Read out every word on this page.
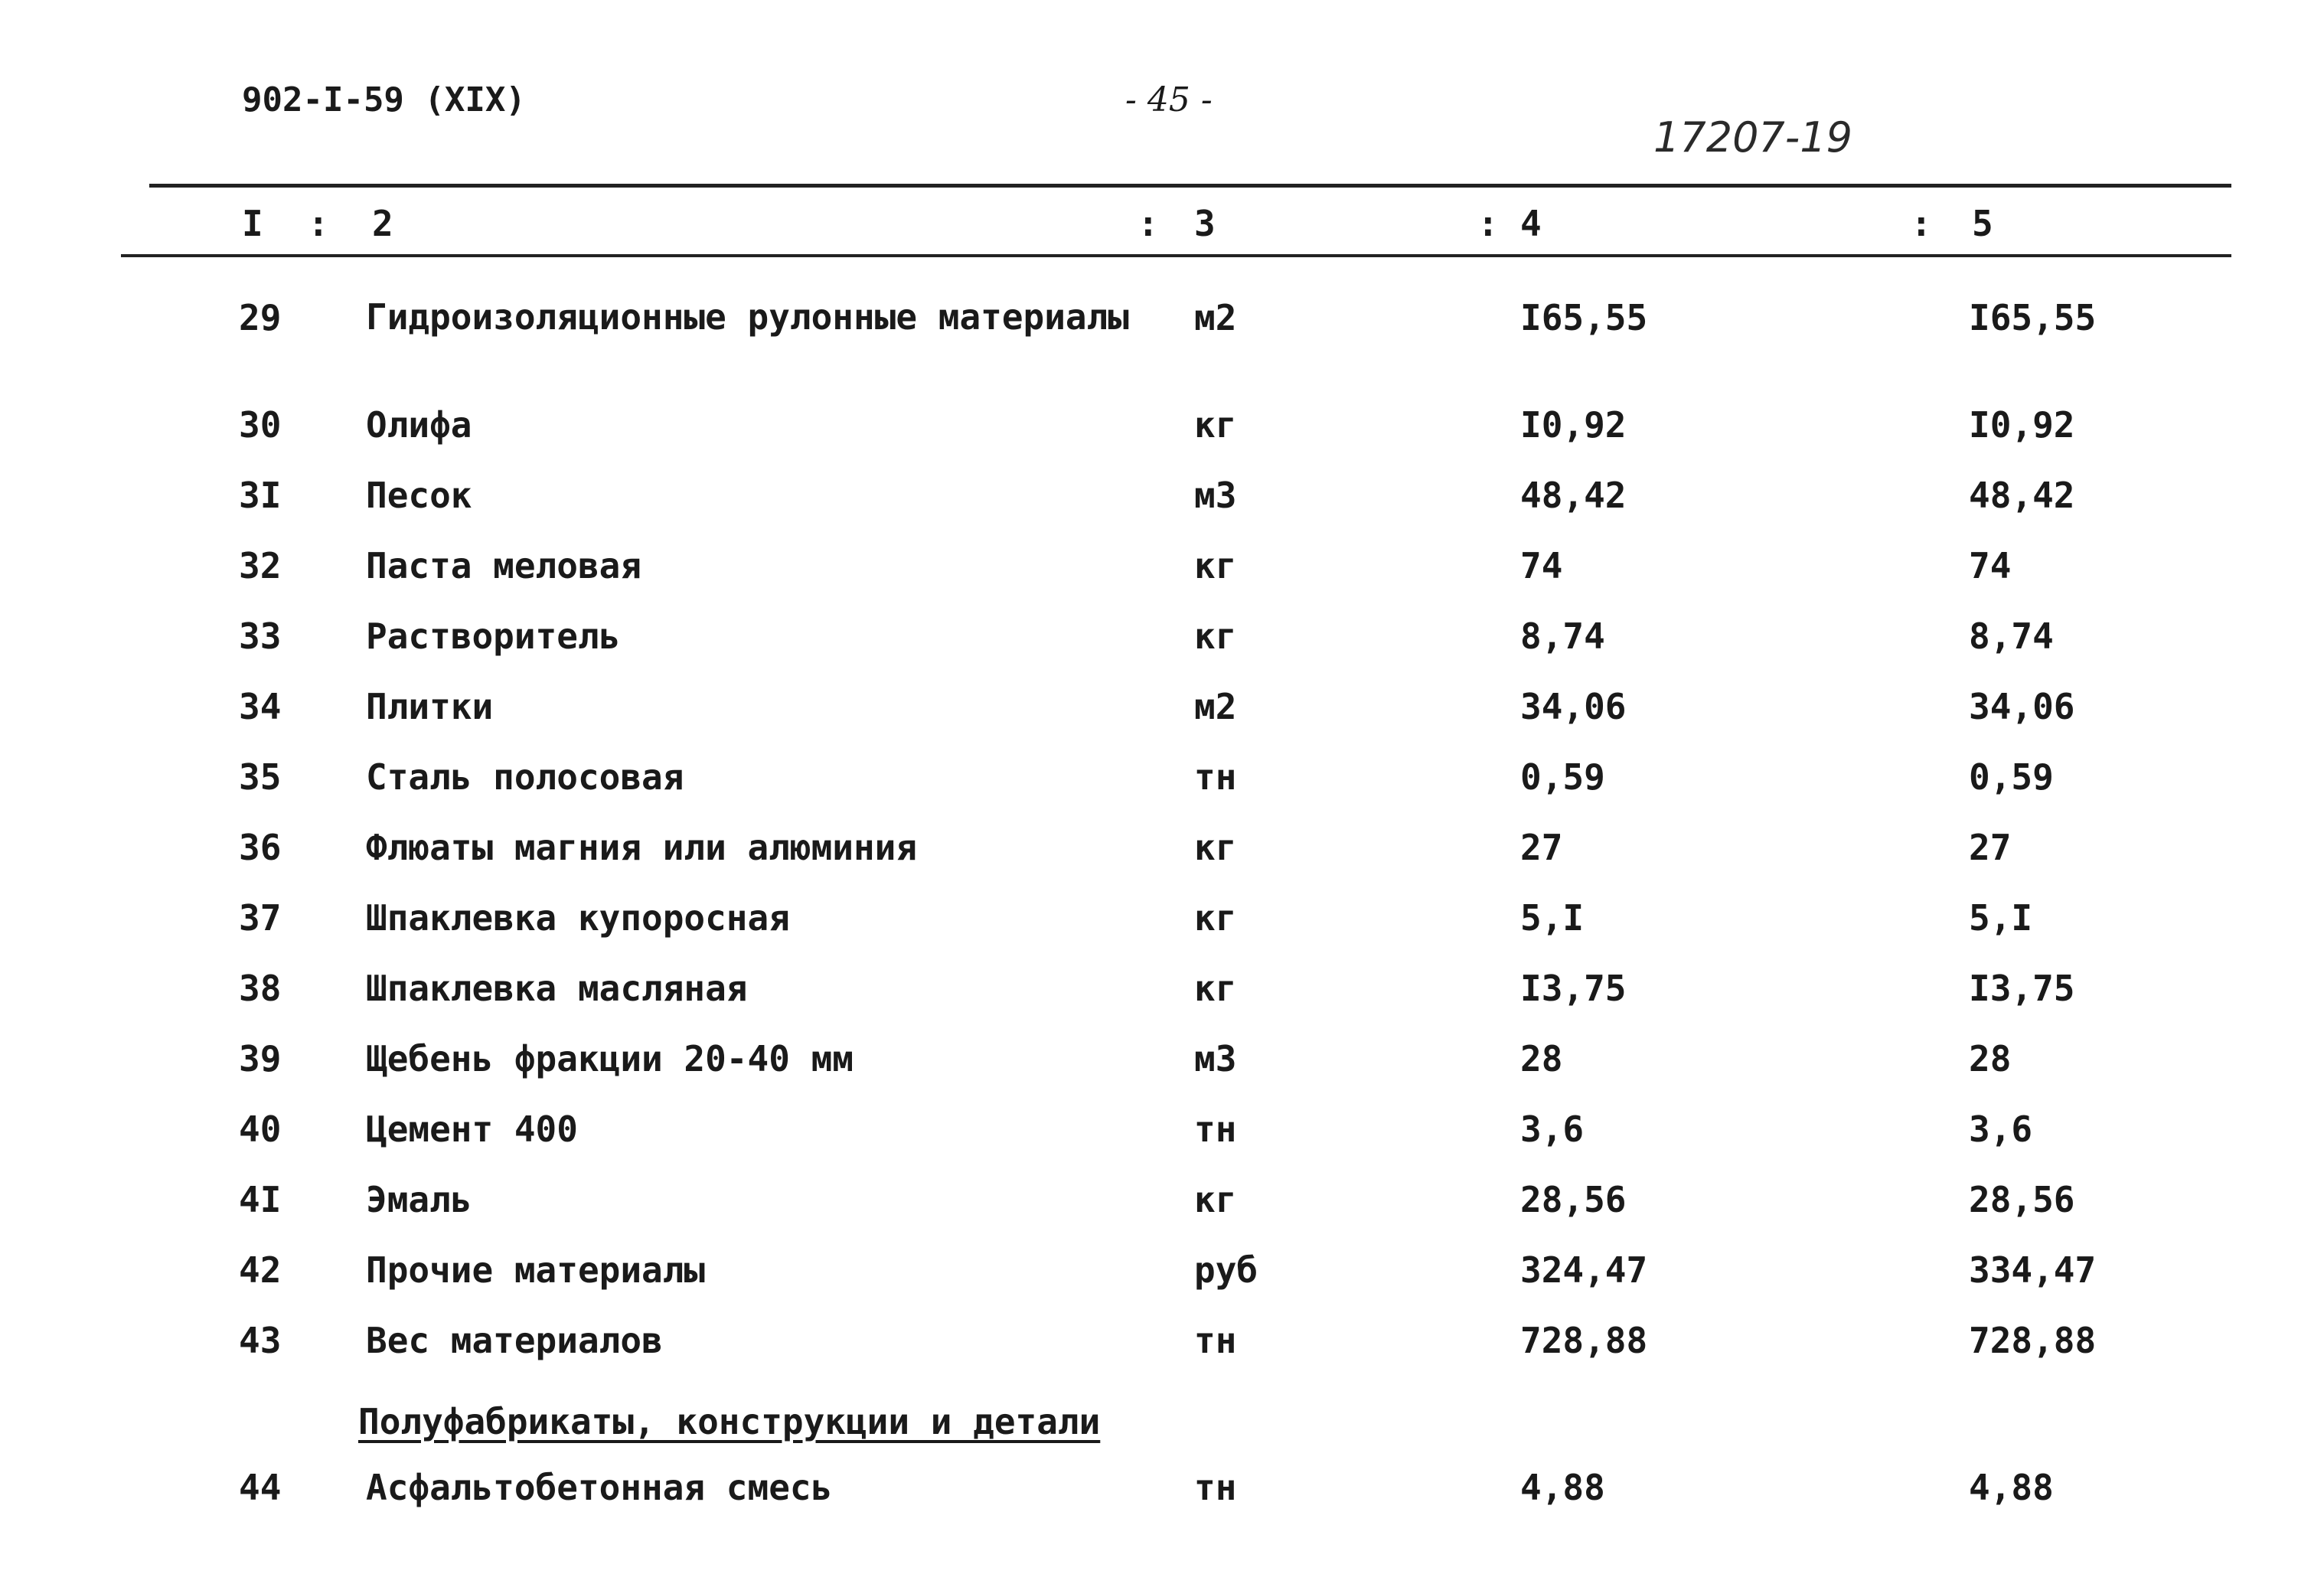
902-I-59 (XIX)	- 45 -
17207-19
I : 2	: 3	: 4	: 5
29 Гидроизоляционные рулонные материалы	м2	I65,55	I65,55
30 Олифа	кг	I0,92	I0,92
3I Песок	м3	48,42	48,42
32 Паста меловая	кг	74	74
33 Растворитель	кг	8,74	8,74
34 Плитки	м2	34,06	34,06
35 Сталь полосовая	тн	0,59	0,59
36 Флюаты магния или алюминия	кг	27	27
37 Шпаклевка купоросная	кг	5,I	5,I
38 Шпаклевка масляная	кг	I3,75	I3,75
39 Щебень фракции 20-40 мм	м3	28	28
40 Цемент 400	тн	3,6	3,6
4I Эмаль	кг	28,56	28,56
42 Прочие материалы	руб	324,47	334,47
43 Вес материалов	тн	728,88	728,88
Полуфабрикаты, конструкции и детали
44 Асфальтобетонная смесь	тн	4,88	4,88
